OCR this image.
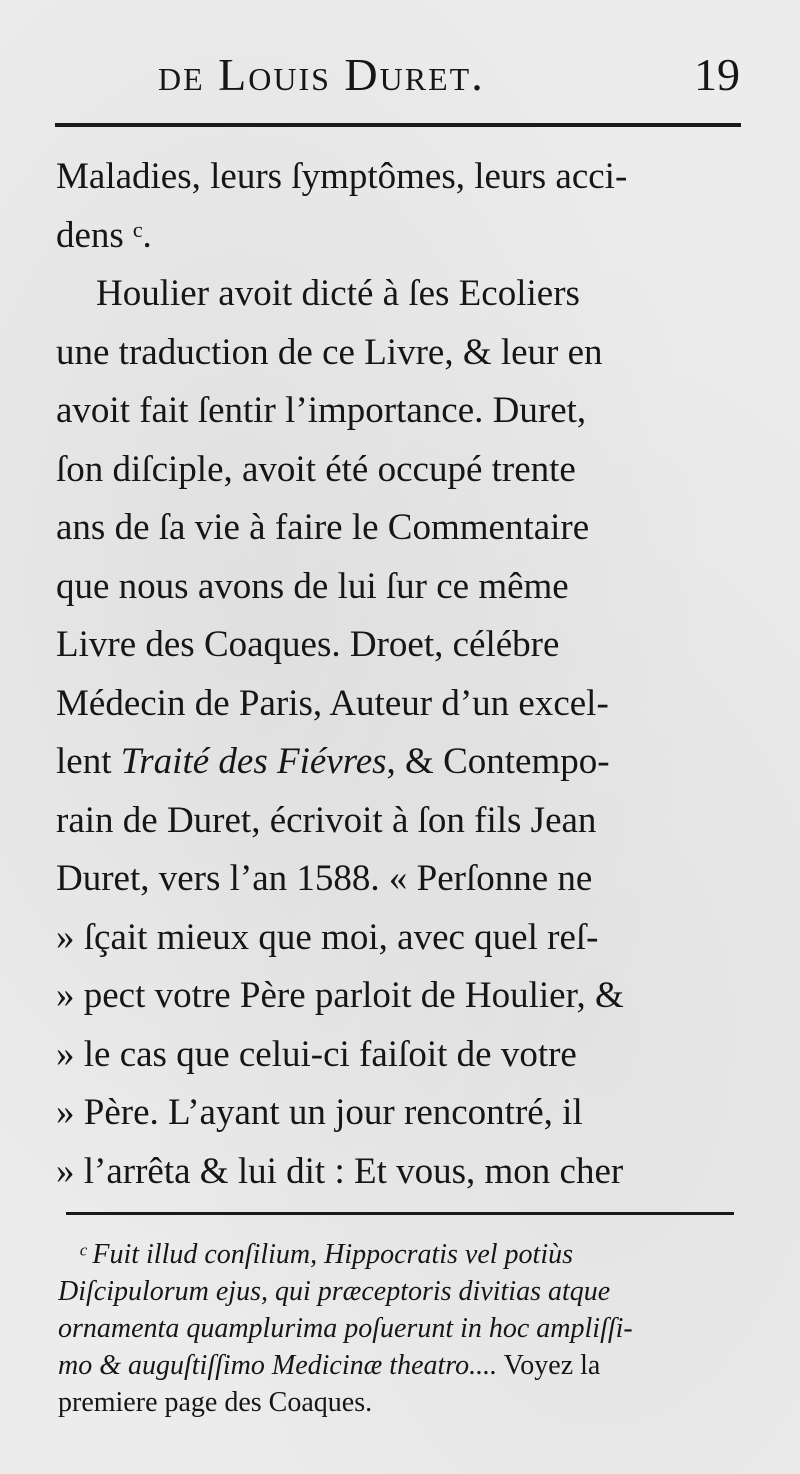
de Louis Duret.	19
Maladies, leurs ſymptômes, leurs acci-
dens ᶜ.
Houlier avoit dicté à ſes Ecoliers
une traduction de ce Livre, & leur en
avoit fait ſentir l’importance. Duret,
ſon diſciple, avoit été occupé trente
ans de ſa vie à faire le Commentaire
que nous avons de lui ſur ce même
Livre des Coaques. Droet, célébre
Médecin de Paris, Auteur d’un excel-
lent Traité des Fiévres, & Contempo-
rain de Duret, écrivoit à ſon fils Jean
Duret, vers l’an 1588. « Perſonne ne
» ſçait mieux que moi, avec quel reſ-
» pect votre Père parloit de Houlier, &
» le cas que celui-ci faiſoit de votre
» Père. L’ayant un jour rencontré, il
» l’arrêta & lui dit : Et vous, mon cher
ᶜ Fuit illud conſilium, Hippocratis vel potiùs
Diſcipulorum ejus, qui præceptoris divitias atque
ornamenta quamplurima poſuerunt in hoc ampliſſi-
mo & auguſtiſſimo Medicinæ theatro.... Voyez la
premiere page des Coaques.
